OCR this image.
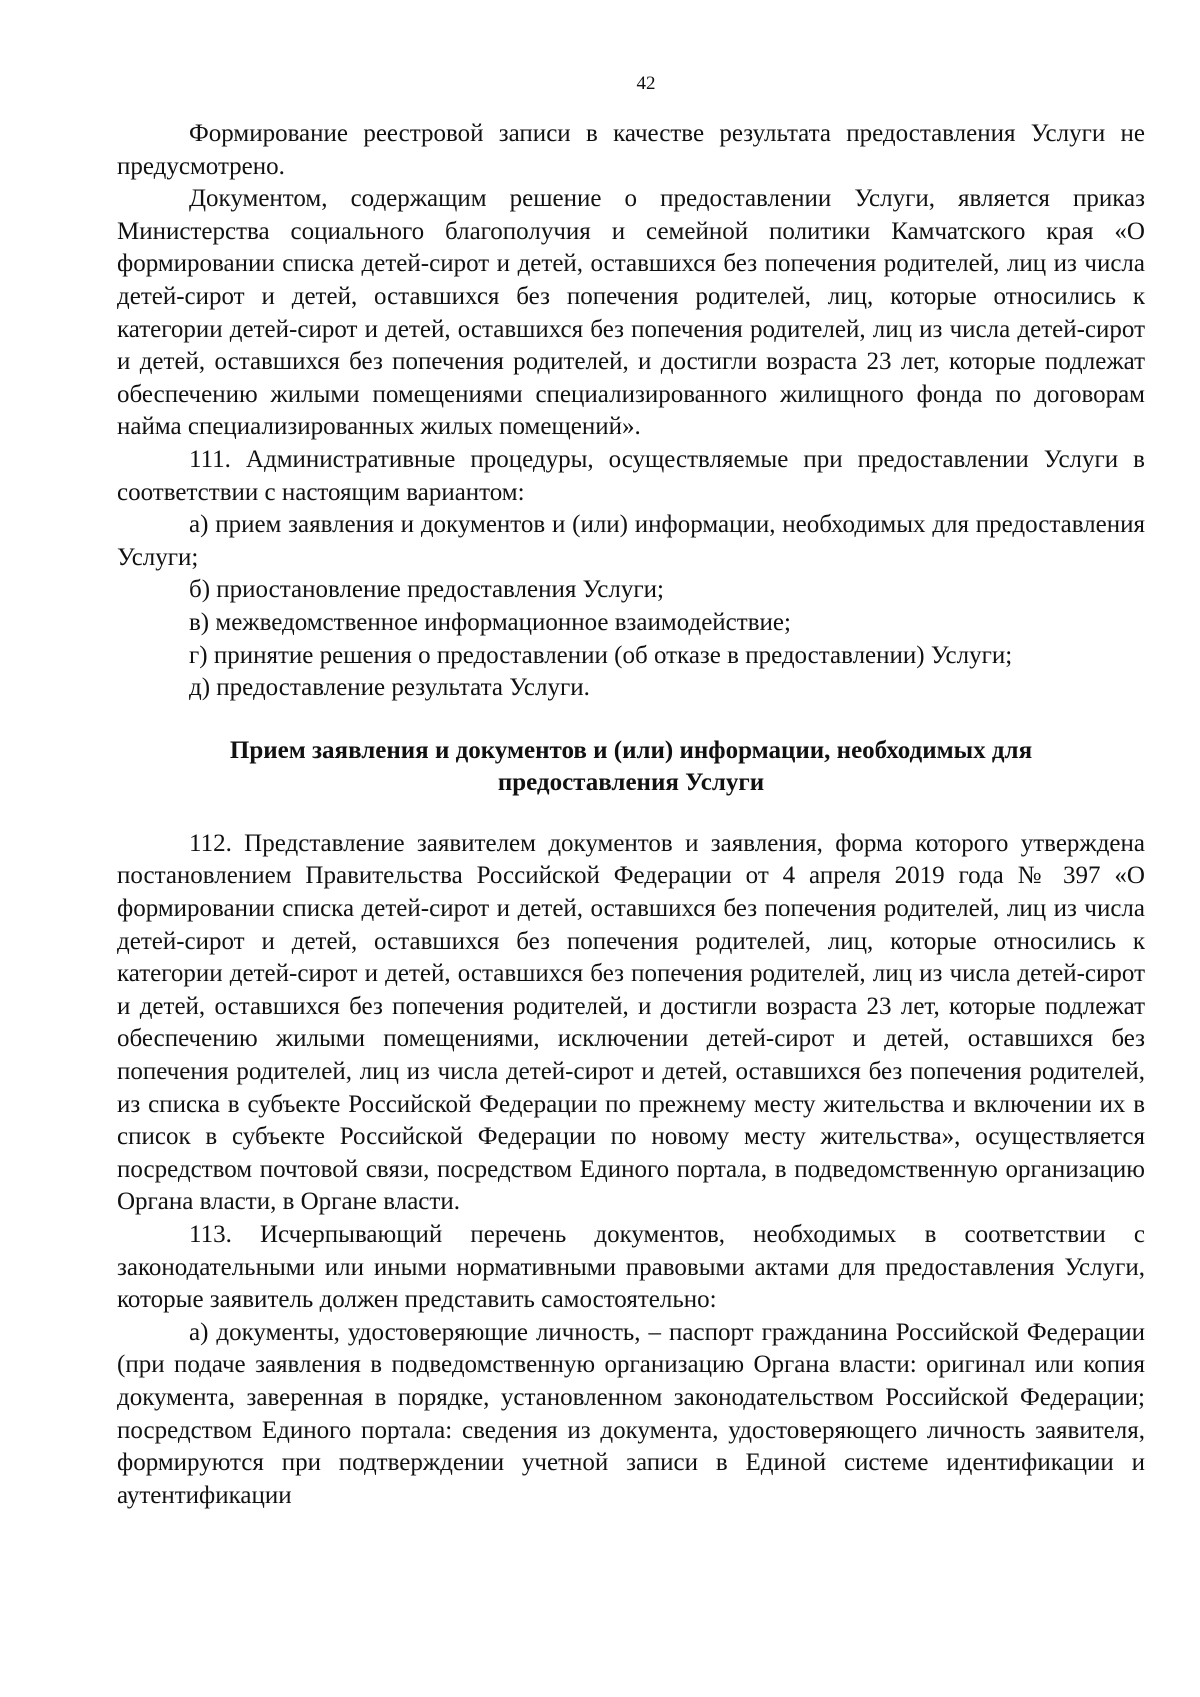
42

Формирование реестровой записи в качестве результата предоставления Услуги не предусмотрено.

Документом, содержащим решение о предоставлении Услуги, является приказ Министерства социального благополучия и семейной политики Камчатского края «О формировании списка детей-сирот и детей, оставшихся без попечения родителей, лиц из числа детей-сирот и детей, оставшихся без попечения родителей, лиц, которые относились к категории детей-сирот и детей, оставшихся без попечения родителей, лиц из числа детей-сирот и детей, оставшихся без попечения родителей, и достигли возраста 23 лет, которые подлежат обеспечению жилыми помещениями специализированного жилищного фонда по договорам найма специализированных жилых помещений».

111. Административные процедуры, осуществляемые при предоставлении Услуги в соответствии с настоящим вариантом:

а) прием заявления и документов и (или) информации, необходимых для предоставления Услуги;

б) приостановление предоставления Услуги;

в) межведомственное информационное взаимодействие;

г) принятие решения о предоставлении (об отказе в предоставлении) Услуги;

д) предоставление результата Услуги.

Прием заявления и документов и (или) информации, необходимых для предоставления Услуги

112. Представление заявителем документов и заявления, форма которого утверждена постановлением Правительства Российской Федерации от 4 апреля 2019 года № 397 «О формировании списка детей-сирот и детей, оставшихся без попечения родителей, лиц из числа детей-сирот и детей, оставшихся без попечения родителей, лиц, которые относились к категории детей-сирот и детей, оставшихся без попечения родителей, лиц из числа детей-сирот и детей, оставшихся без попечения родителей, и достигли возраста 23 лет, которые подлежат обеспечению жилыми помещениями, исключении детей-сирот и детей, оставшихся без попечения родителей, лиц из числа детей-сирот и детей, оставшихся без попечения родителей, из списка в субъекте Российской Федерации по прежнему месту жительства и включении их в список в субъекте Российской Федерации по новому месту жительства», осуществляется посредством почтовой связи, посредством Единого портала, в подведомственную организацию Органа власти, в Органе власти.

113. Исчерпывающий перечень документов, необходимых в соответствии с законодательными или иными нормативными правовыми актами для предоставления Услуги, которые заявитель должен представить самостоятельно:

а) документы, удостоверяющие личность, – паспорт гражданина Российской Федерации (при подаче заявления в подведомственную организацию Органа власти: оригинал или копия документа, заверенная в порядке, установленном законодательством Российской Федерации; посредством Единого портала: сведения из документа, удостоверяющего личность заявителя, формируются при подтверждении учетной записи в Единой системе идентификации и аутентификации
